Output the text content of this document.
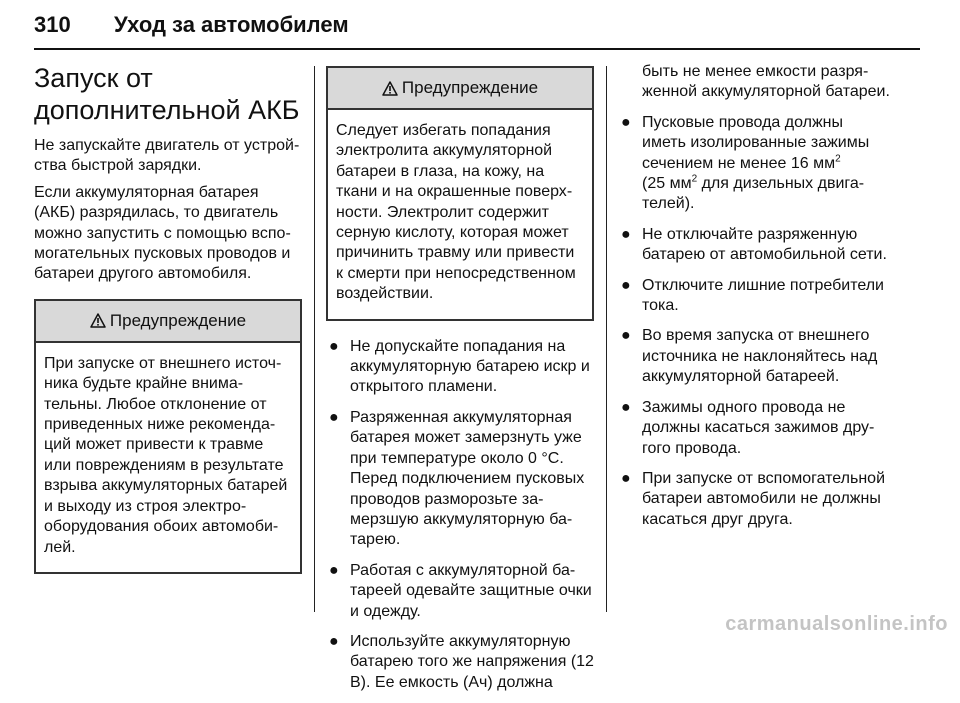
310 Уход за автомобилем
Запуск от
дополнительной АКБ

Не запускайте двигатель от устройства быстрой зарядки.

Если аккумуляторная батарея (АКБ) разрядилась, то двигатель можно запустить с помощью вспомогательных пусковых проводов и батареи другого автомобиля.

Предупреждение
При запуске от внешнего источника будьте крайне внимательны. Любое отклонение от приведенных ниже рекомендаций может привести к травме или повреждениям в результате взрыва аккумуляторных батарей и выходу из строя электрооборудования обоих автомобилей.
Предупреждение
Следует избегать попадания электролита аккумуляторной батареи в глаза, на кожу, на ткани и на окрашенные поверхности. Электролит содержит серную кислоту, которая может причинить травму или привести к смерти при непосредственном воздействии.
● Не допускайте попадания на аккумуляторную батарею искр и открытого пламени.
● Разряженная аккумуляторная батарея может замерзнуть уже при температуре около 0 °C. Перед подключением пусковых проводов разморозьте замерзшую аккумуляторную батарею.
● Работая с аккумуляторной батареей одевайте защитные очки и одежду.
● Используйте аккумуляторную батарею того же напряжения (12 В). Ее емкость (Ач) должна
быть не менее емкости разряженной аккумуляторной батареи.
● Пусковые провода должны иметь изолированные зажимы сечением не менее 16 $мм^2$
(25 $мм^2$ для дизельных двигателей).
● Не отключайте разряженную батарею от автомобильной сети.
● Отключите лишние потребители тока.
● Во время запуска от внешнего источника не наклоняйтесь над аккумуляторной батареей.
● Зажимы одного провода не должны касаться зажимов другого провода.
● При запуске от вспомогательной батареи автомобили не должны касаться друг друга.
carmanualsonline.info
